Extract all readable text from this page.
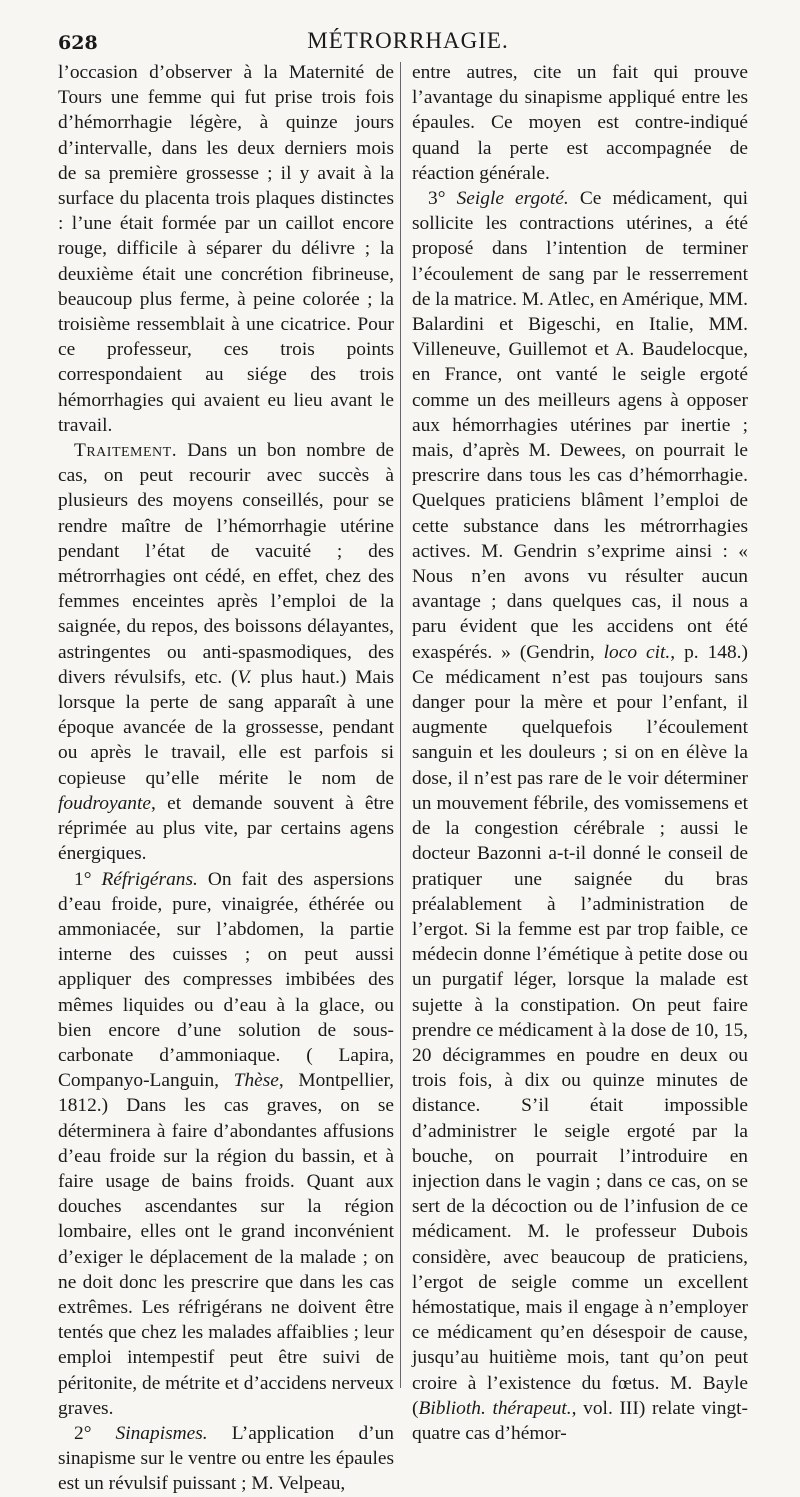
628	MÉTRORRHAGIE.

l’occasion d’observer à la Maternité de Tours une femme qui fut prise trois fois d’hémorrhagie légère, à quinze jours d’intervalle, dans les deux derniers mois de sa première grossesse ; il y avait à la surface du placenta trois plaques distinctes : l’une était formée par un caillot encore rouge, difficile à séparer du délivre ; la deuxième était une concrétion fibrineuse, beaucoup plus ferme, à peine colorée ; la troisième ressemblait à une cicatrice. Pour ce professeur, ces trois points correspondaient au siége des trois hémorrhagies qui avaient eu lieu avant le travail.

Traitement. Dans un bon nombre de cas, on peut recourir avec succès à plusieurs des moyens conseillés, pour se rendre maître de l’hémorrhagie utérine pendant l’état de vacuité ; des métrorrhagies ont cédé, en effet, chez des femmes enceintes après l’emploi de la saignée, du repos, des boissons délayantes, astringentes ou anti-spasmodiques, des divers révulsifs, etc. (V. plus haut.) Mais lorsque la perte de sang apparaît à une époque avancée de la grossesse, pendant ou après le travail, elle est parfois si copieuse qu’elle mérite le nom de foudroyante, et demande souvent à être réprimée au plus vite, par certains agens énergiques.

1° Réfrigérans. On fait des aspersions d’eau froide, pure, vinaigrée, éthérée ou ammoniacée, sur l’abdomen, la partie interne des cuisses ; on peut aussi appliquer des compresses imbibées des mêmes liquides ou d’eau à la glace, ou bien encore d’une solution de sous-carbonate d’ammoniaque. ( Lapira, Companyo-Languin, Thèse, Montpellier, 1812.) Dans les cas graves, on se déterminera à faire d’abondantes affusions d’eau froide sur la région du bassin, et à faire usage de bains froids. Quant aux douches ascendantes sur la région lombaire, elles ont le grand inconvénient d’exiger le déplacement de la malade ; on ne doit donc les prescrire que dans les cas extrêmes. Les réfrigérans ne doivent être tentés que chez les malades affaiblies ; leur emploi intempestif peut être suivi de péritonite, de métrite et d’accidens nerveux graves.

2° Sinapismes. L’application d’un sinapisme sur le ventre ou entre les épaules est un révulsif puissant ; M. Velpeau,

entre autres, cite un fait qui prouve l’avantage du sinapisme appliqué entre les épaules. Ce moyen est contre-indiqué quand la perte est accompagnée de réaction générale.

3° Seigle ergoté. Ce médicament, qui sollicite les contractions utérines, a été proposé dans l’intention de terminer l’écoulement de sang par le resserrement de la matrice. M. Atlec, en Amérique, MM. Balardini et Bigeschi, en Italie, MM. Villeneuve, Guillemot et A. Baudelocque, en France, ont vanté le seigle ergoté comme un des meilleurs agens à opposer aux hémorrhagies utérines par inertie ; mais, d’après M. Dewees, on pourrait le prescrire dans tous les cas d’hémorrhagie. Quelques praticiens blâment l’emploi de cette substance dans les métrorrhagies actives. M. Gendrin s’exprime ainsi : « Nous n’en avons vu résulter aucun avantage ; dans quelques cas, il nous a paru évident que les accidens ont été exaspérés. » (Gendrin, loco cit., p. 148.) Ce médicament n’est pas toujours sans danger pour la mère et pour l’enfant, il augmente quelquefois l’écoulement sanguin et les douleurs ; si on en élève la dose, il n’est pas rare de le voir déterminer un mouvement fébrile, des vomissemens et de la congestion cérébrale ; aussi le docteur Bazonni a-t-il donné le conseil de pratiquer une saignée du bras préalablement à l’administration de l’ergot. Si la femme est par trop faible, ce médecin donne l’émétique à petite dose ou un purgatif léger, lorsque la malade est sujette à la constipation. On peut faire prendre ce médicament à la dose de 10, 15, 20 décigrammes en poudre en deux ou trois fois, à dix ou quinze minutes de distance. S’il était impossible d’administrer le seigle ergoté par la bouche, on pourrait l’introduire en injection dans le vagin ; dans ce cas, on se sert de la décoction ou de l’infusion de ce médicament. M. le professeur Dubois considère, avec beaucoup de praticiens, l’ergot de seigle comme un excellent hémostatique, mais il engage à n’employer ce médicament qu’en désespoir de cause, jusqu’au huitième mois, tant qu’on peut croire à l’existence du fœtus. M. Bayle (Biblioth. thérapeut., vol. III) relate vingt-quatre cas d’hémor-
